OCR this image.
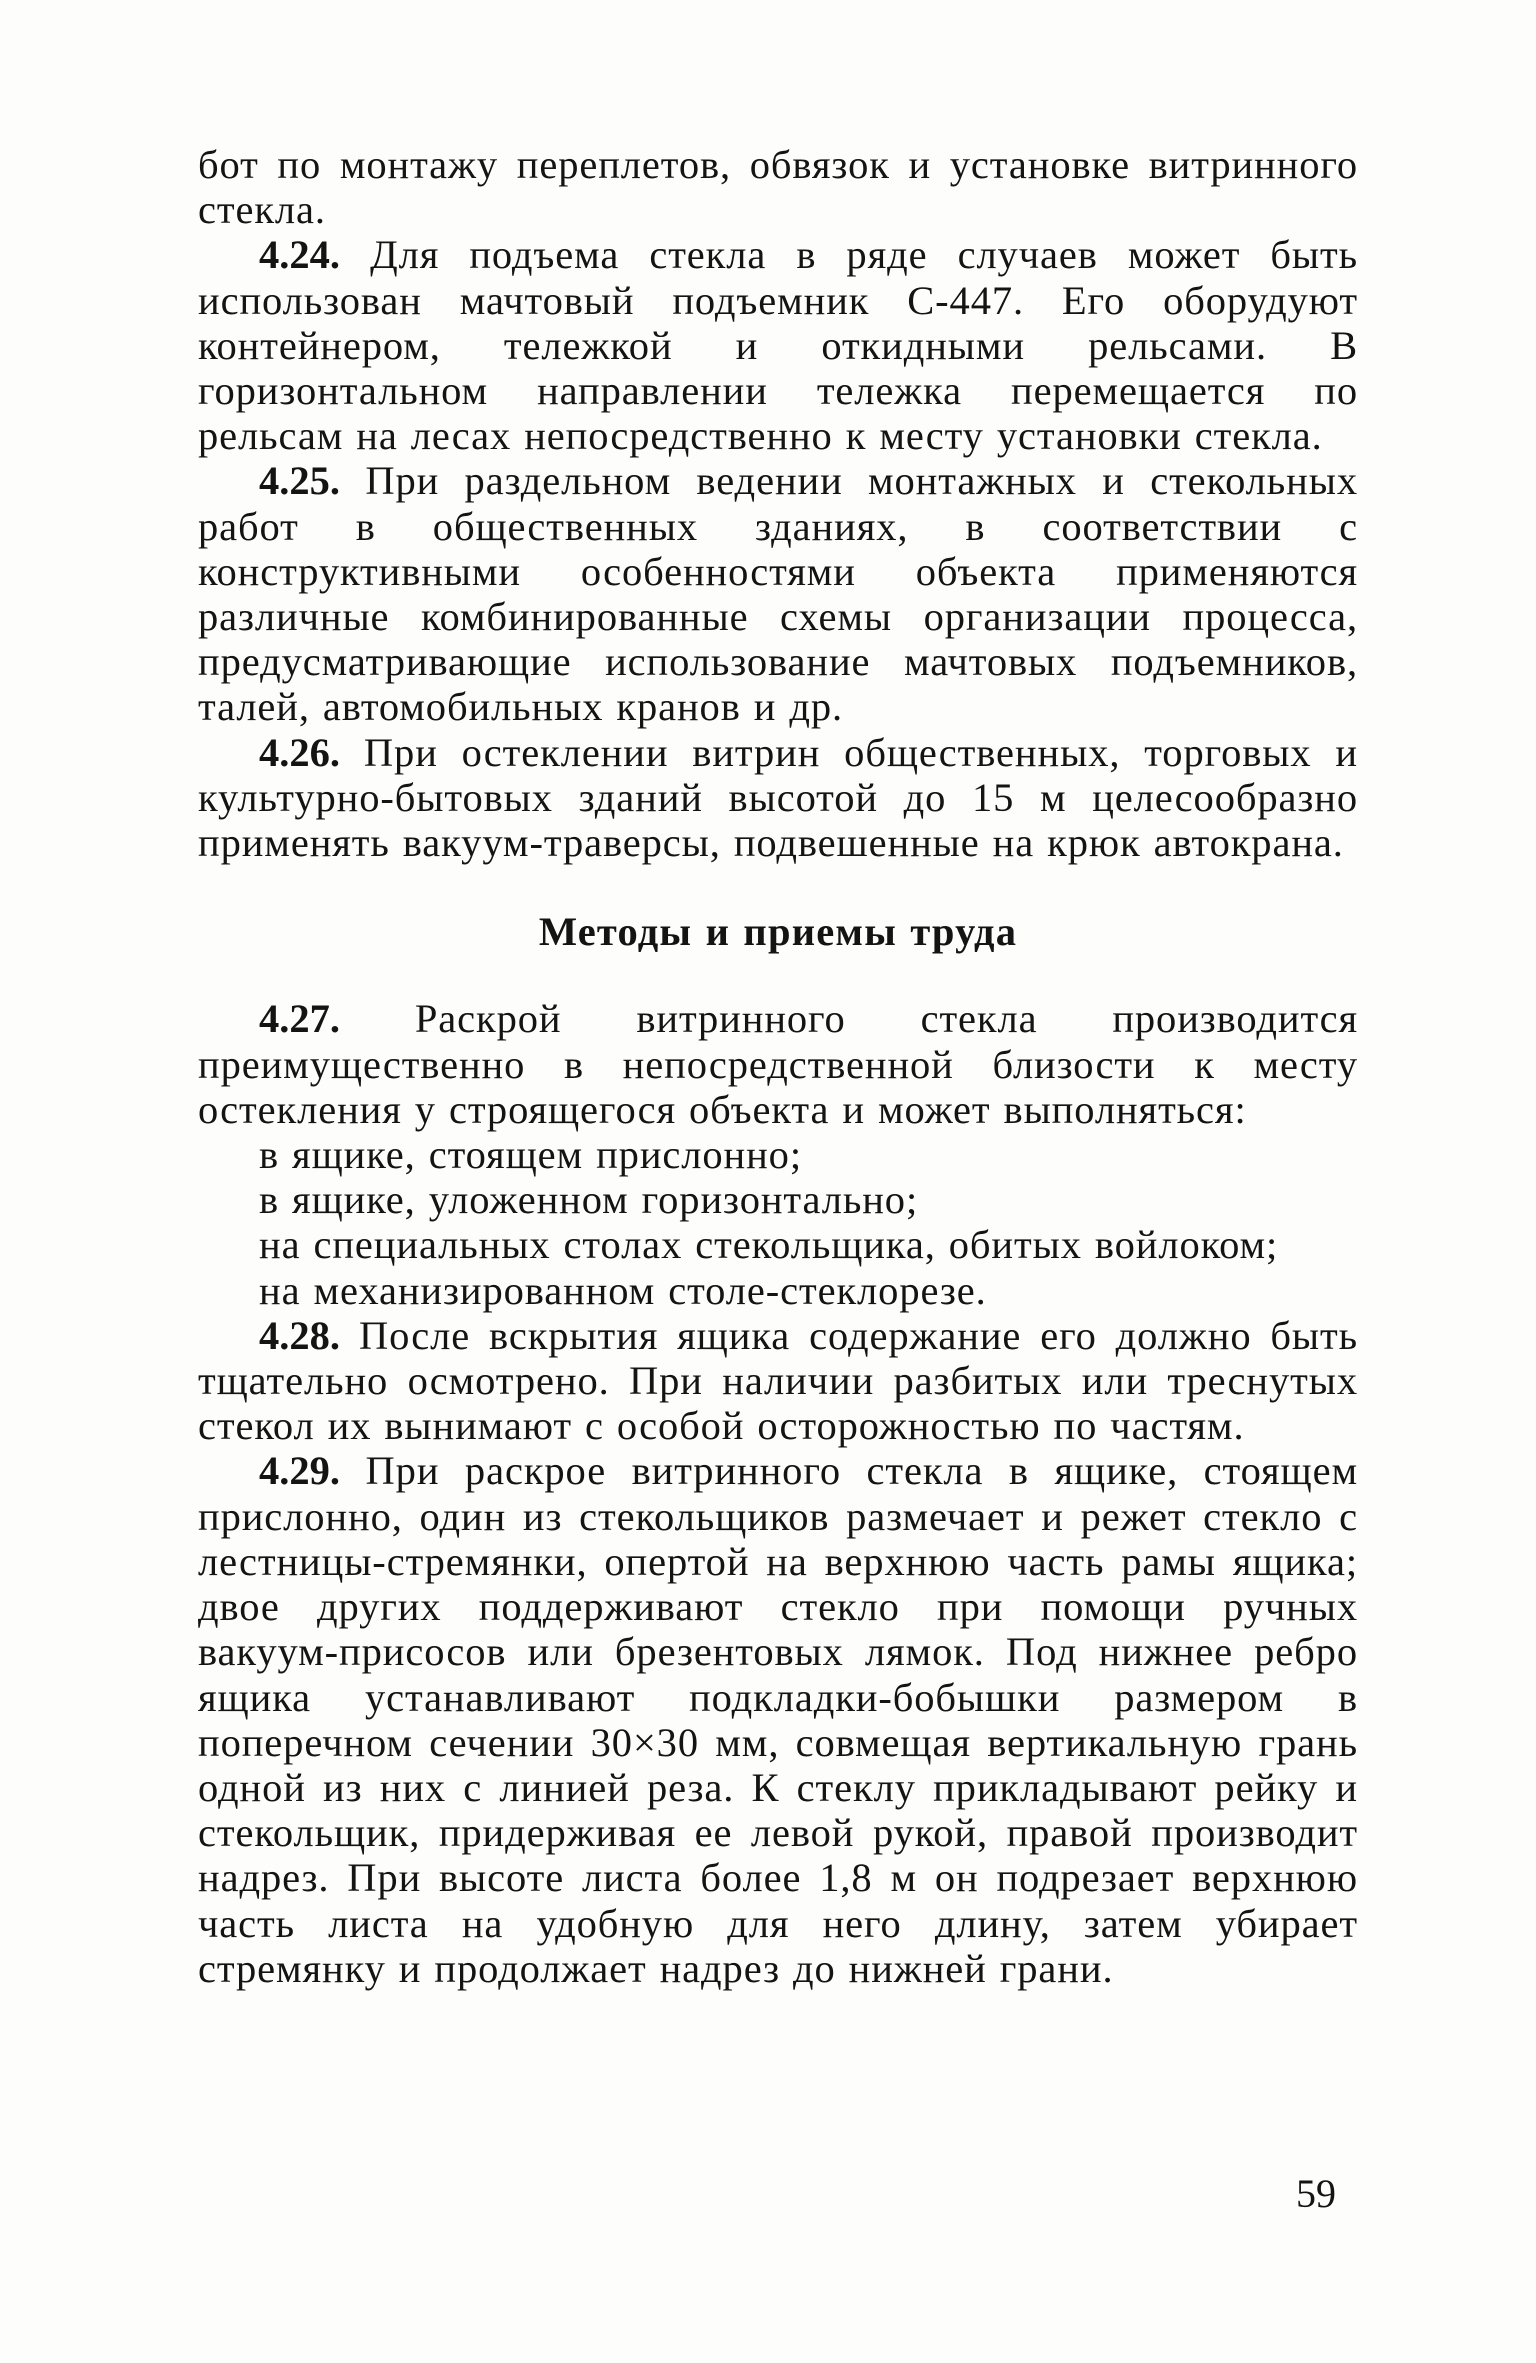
бот по монтажу переплетов, обвязок и установке витринного стекла.

4.24. Для подъема стекла в ряде случаев может быть использован мачтовый подъемник С-447. Его оборудуют контейнером, тележкой и откидными рельсами. В горизонтальном направлении тележка перемещается по рельсам на лесах непосредственно к месту установки стекла.

4.25. При раздельном ведении монтажных и стекольных работ в общественных зданиях, в соответствии с конструктивными особенностями объекта применяются различные комбинированные схемы организации процесса, предусматривающие использование мачтовых подъемников, талей, автомобильных кранов и др.

4.26. При остеклении витрин общественных, торговых и культурно-бытовых зданий высотой до 15 м целесообразно применять вакуум-траверсы, подвешенные на крюк автокрана.

Методы и приемы труда

4.27. Раскрой витринного стекла производится преимущественно в непосредственной близости к месту остекления у строящегося объекта и может выполняться:

в ящике, стоящем прислонно;

в ящике, уложенном горизонтально;

на специальных столах стекольщика, обитых войлоком;

на механизированном столе-стеклорезе.

4.28. После вскрытия ящика содержание его должно быть тщательно осмотрено. При наличии разбитых или треснутых стекол их вынимают с особой осторожностью по частям.

4.29. При раскрое витринного стекла в ящике, стоящем прислонно, один из стекольщиков размечает и режет стекло с лестницы-стремянки, опертой на верхнюю часть рамы ящика; двое других поддерживают стекло при помощи ручных вакуум-присосов или брезентовых лямок. Под нижнее ребро ящика устанавливают подкладки-бобышки размером в поперечном сечении 30×30 мм, совмещая вертикальную грань одной из них с линией реза. К стеклу прикладывают рейку и стекольщик, придерживая ее левой рукой, правой производит надрез. При высоте листа более 1,8 м он подрезает верхнюю часть листа на удобную для него длину, затем убирает стремянку и продолжает надрез до нижней грани.

59
